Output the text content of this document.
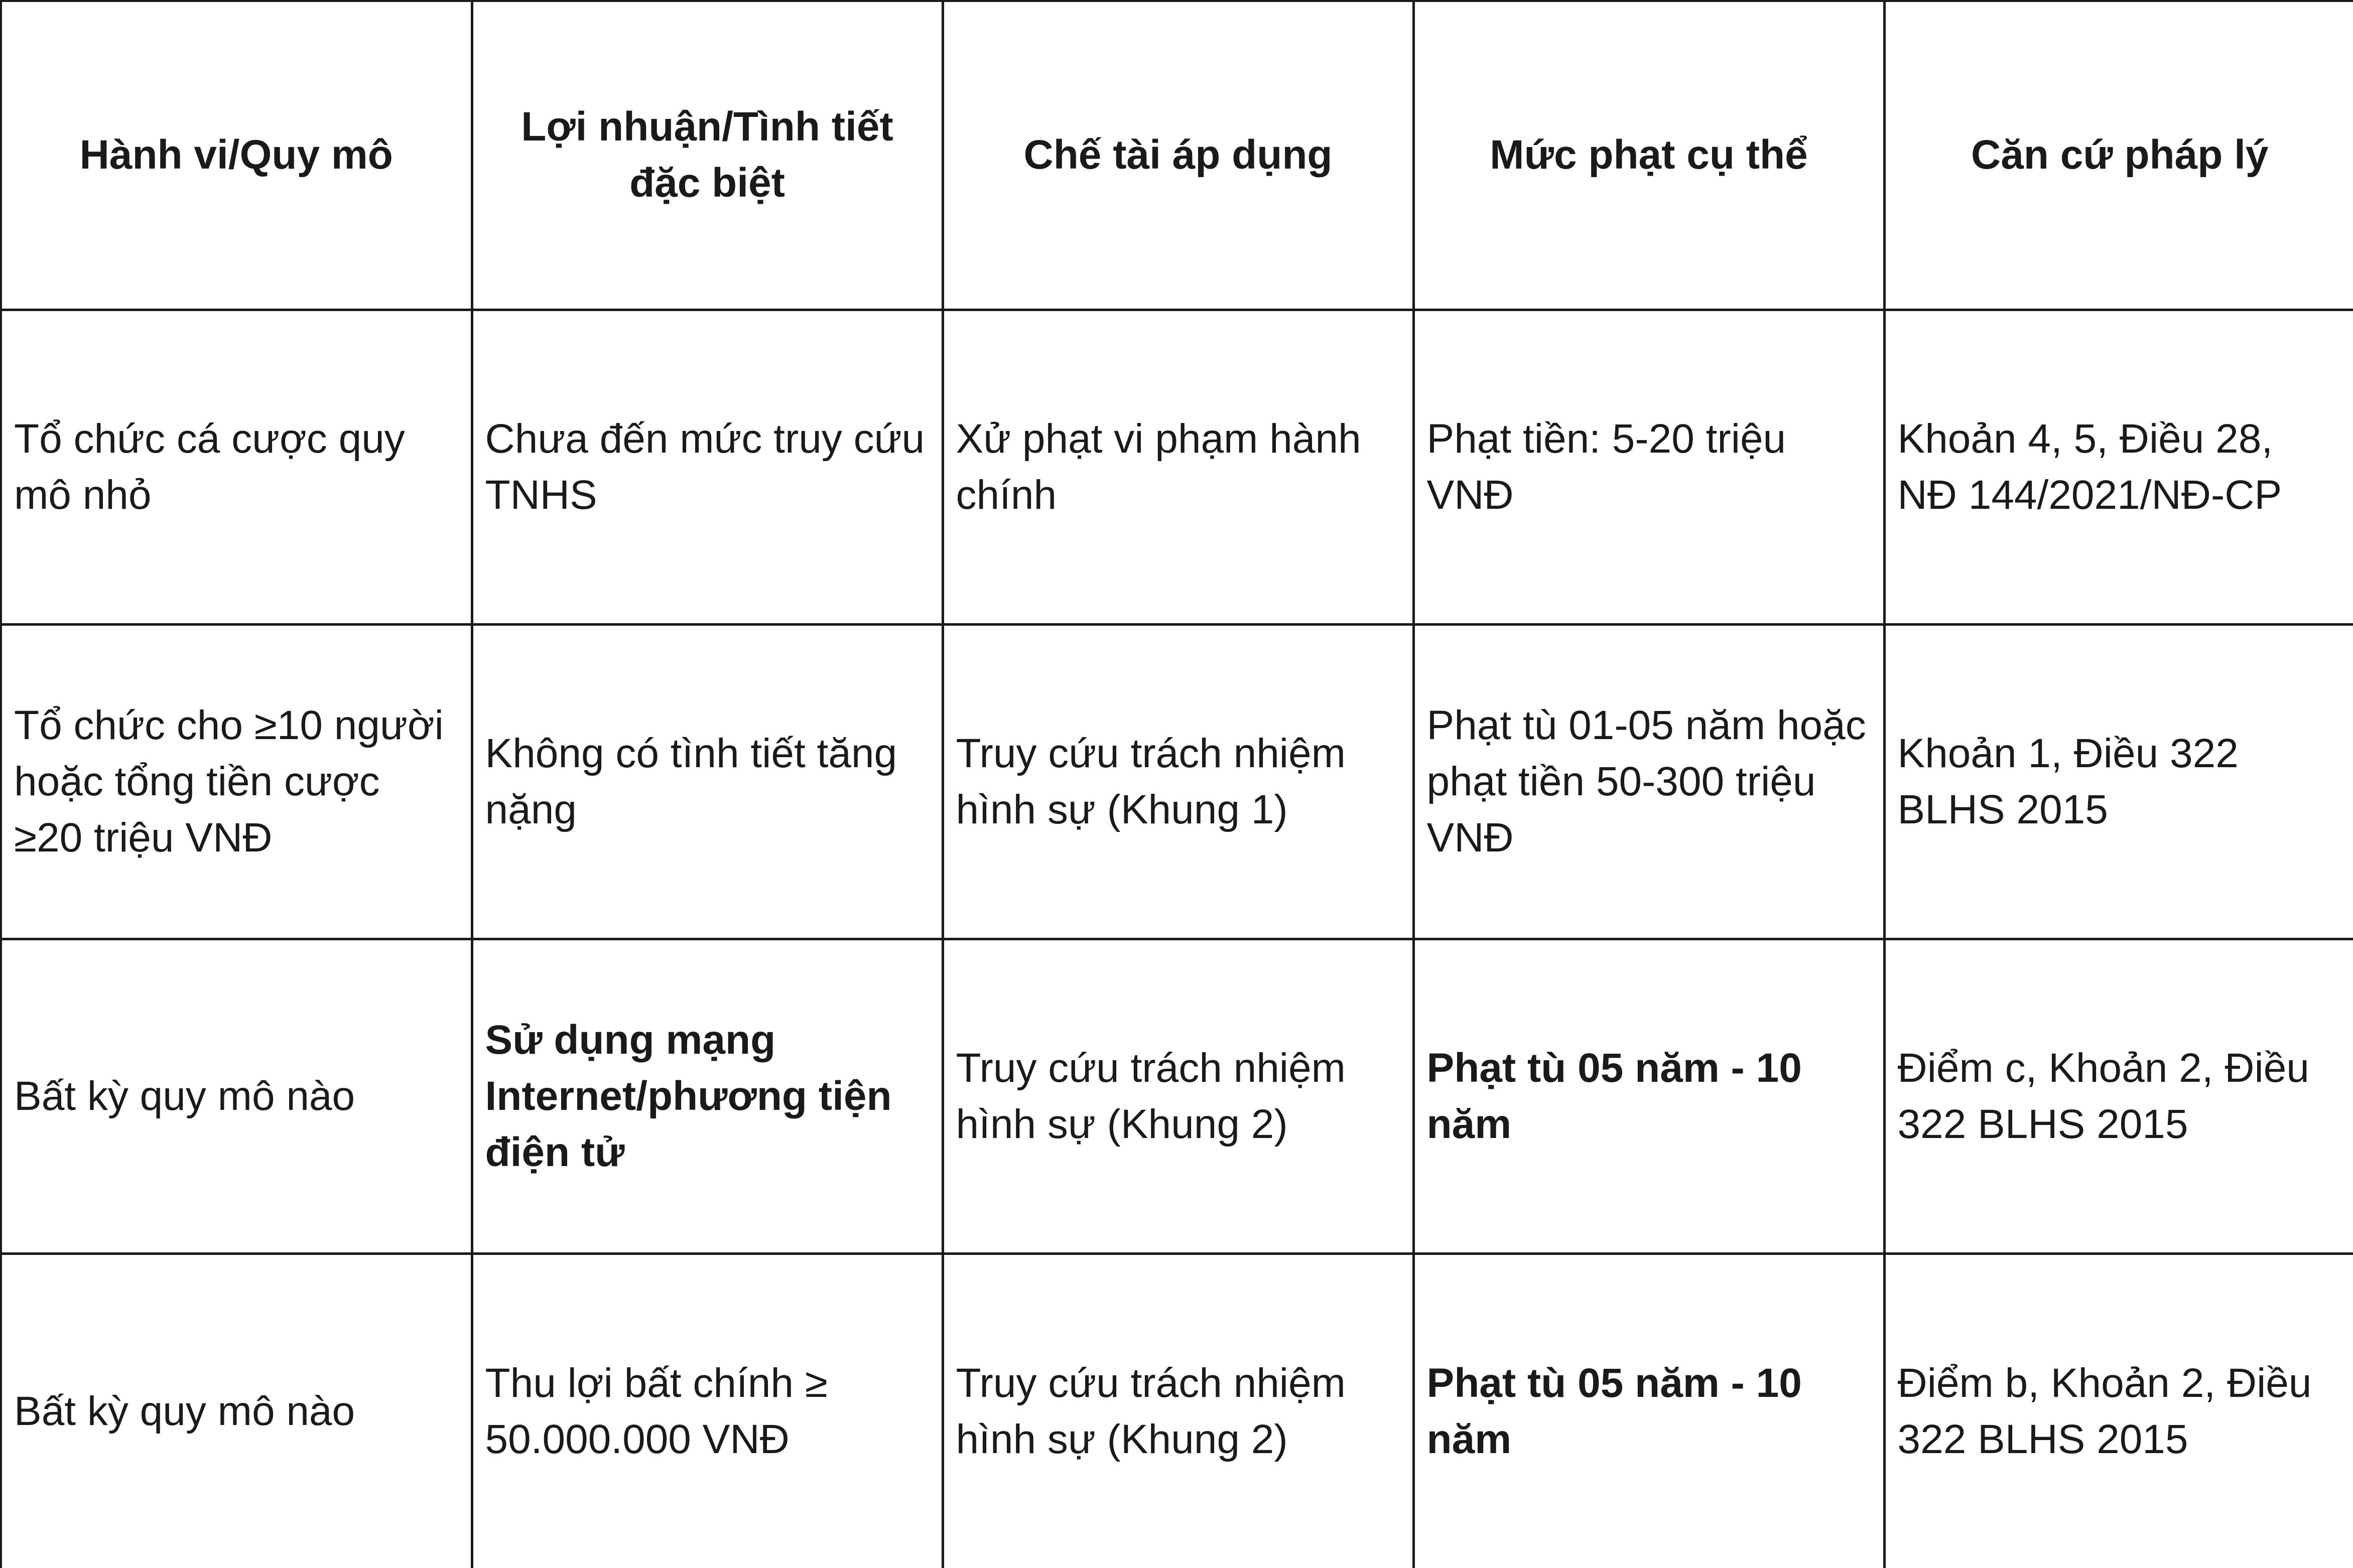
Hành vi/Quy mô	Lợi nhuận/Tình tiết đặc biệt	Chế tài áp dụng	Mức phạt cụ thể	Căn cứ pháp lý
Tổ chức cá cược quy mô nhỏ	Chưa đến mức truy cứu TNHS	Xử phạt vi phạm hành chính	Phạt tiền: 5-20 triệu VNĐ	Khoản 4, 5, Điều 28, NĐ 144/2021/NĐ-CP
Tổ chức cho ≥10 người hoặc tổng tiền cược ≥20 triệu VNĐ	Không có tình tiết tăng nặng	Truy cứu trách nhiệm hình sự (Khung 1)	Phạt tù 01-05 năm hoặc phạt tiền 50-300 triệu VNĐ	Khoản 1, Điều 322 BLHS 2015
Bất kỳ quy mô nào	Sử dụng mạng Internet/phương tiện điện tử	Truy cứu trách nhiệm hình sự (Khung 2)	Phạt tù 05 năm - 10 năm	Điểm c, Khoản 2, Điều 322 BLHS 2015
Bất kỳ quy mô nào	Thu lợi bất chính ≥ 50.000.000 VNĐ	Truy cứu trách nhiệm hình sự (Khung 2)	Phạt tù 05 năm - 10 năm	Điểm b, Khoản 2, Điều 322 BLHS 2015
